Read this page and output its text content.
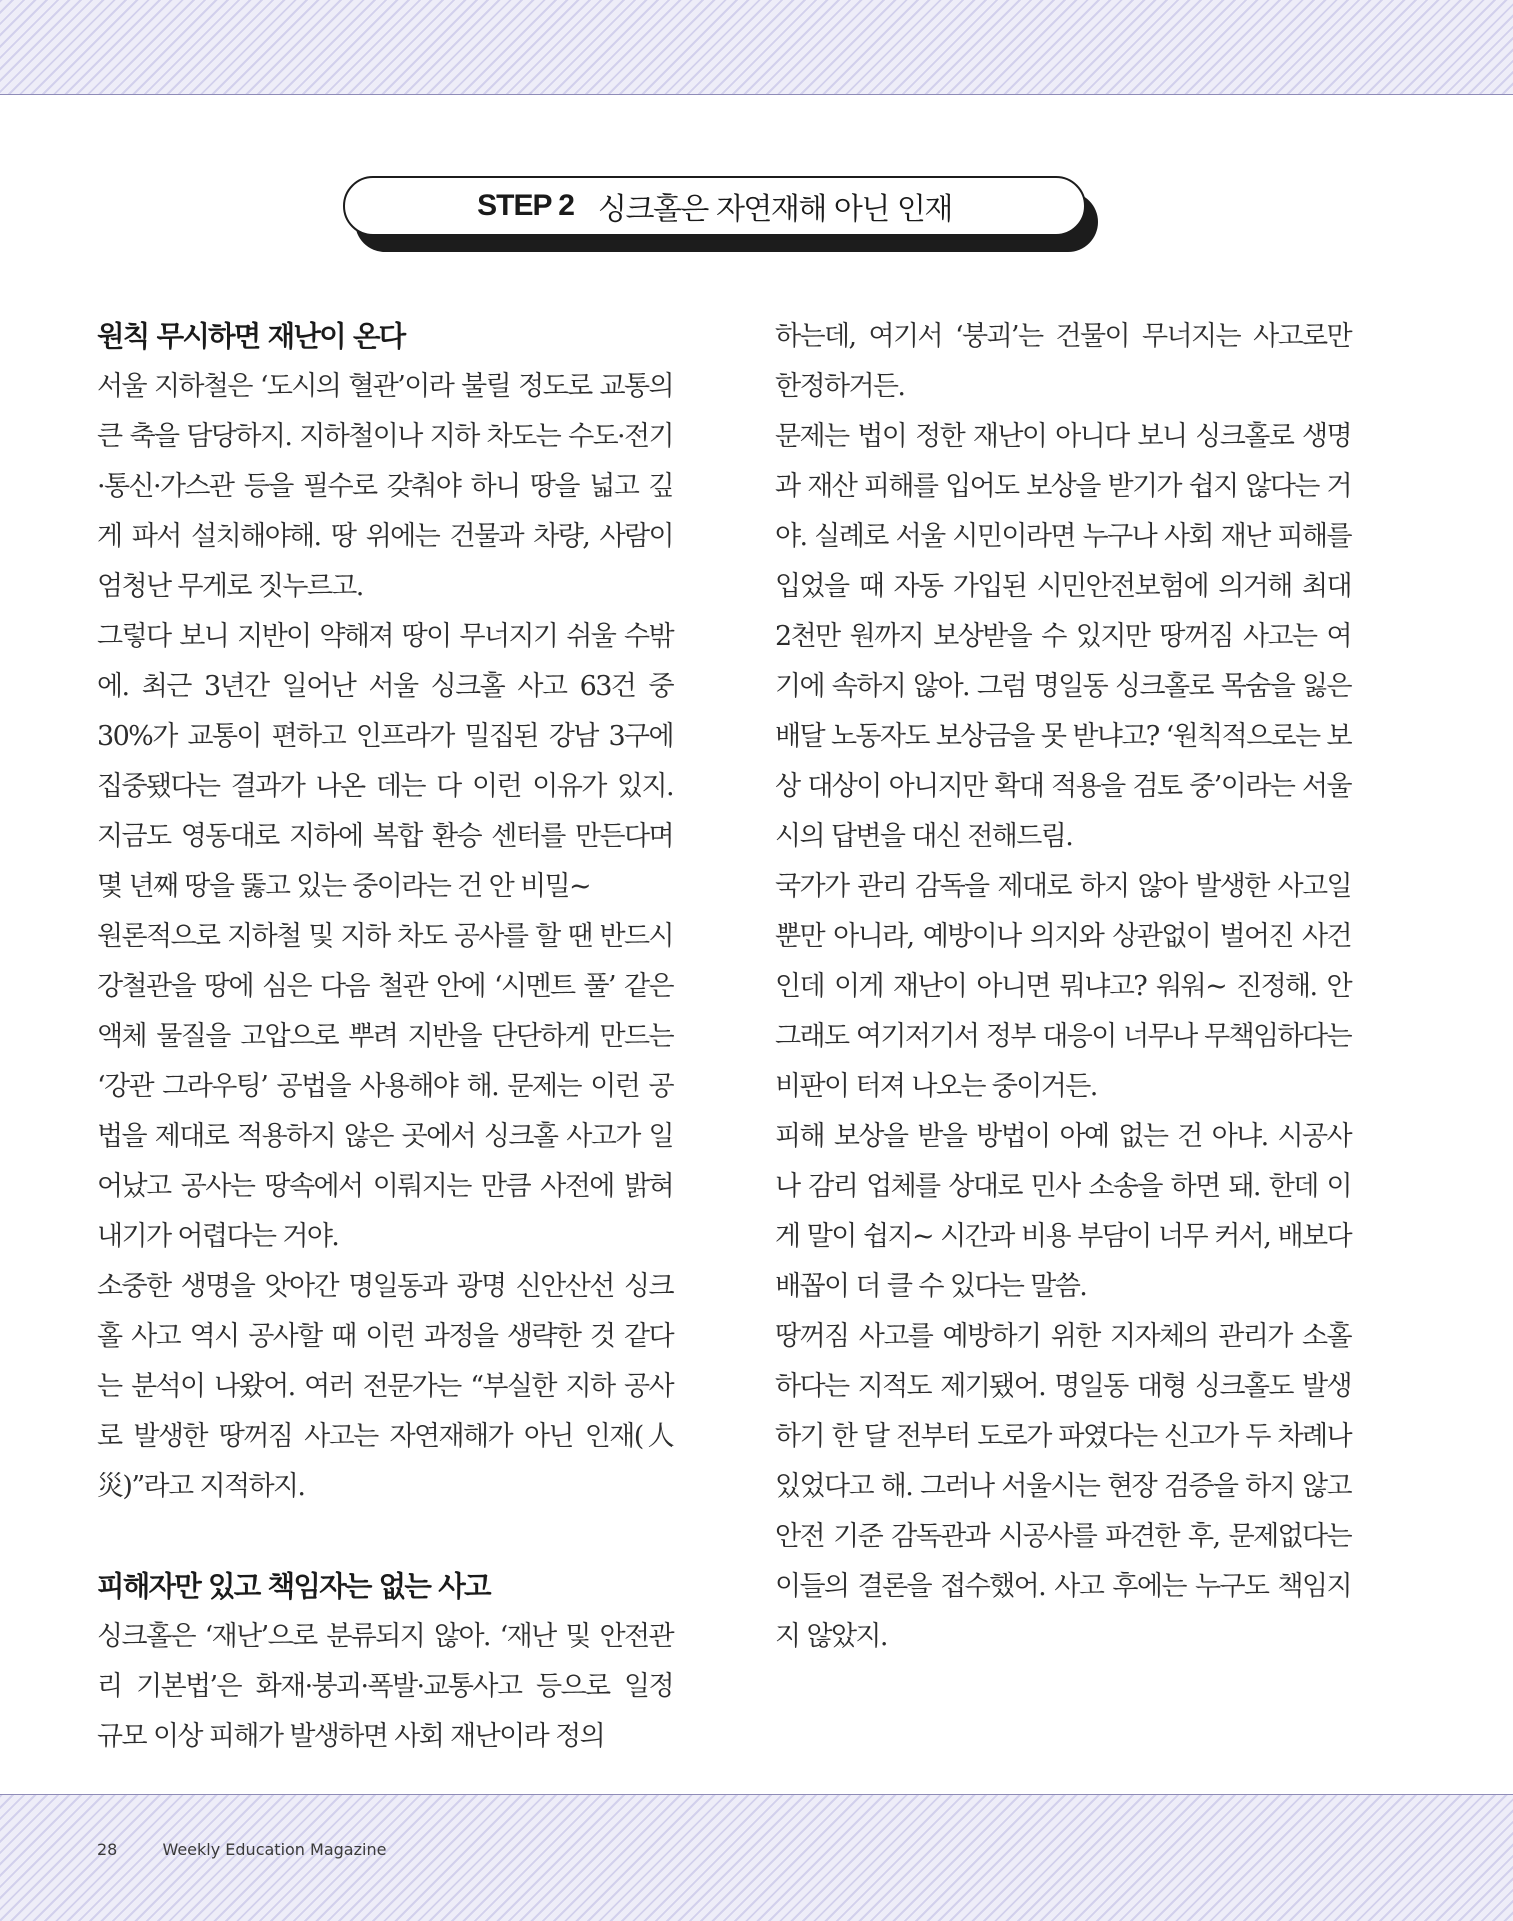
STEP 2 싱크홀은 자연재해 아닌 인재
원칙 무시하면 재난이 온다

서울 지하철은 ‘도시의 혈관’이라 불릴 정도로 교통의 큰 축을 담당하지. 지하철이나 지하 차도는 수도·전기·통신·가스관 등을 필수로 갖춰야 하니 땅을 넓고 깊게 파서 설치해야해. 땅 위에는 건물과 차량, 사람이 엄청난 무게로 짓누르고.

그렇다 보니 지반이 약해져 땅이 무너지기 쉬울 수밖에. 최근 3년간 일어난 서울 싱크홀 사고 63건 중 30%가 교통이 편하고 인프라가 밀집된 강남 3구에 집중됐다는 결과가 나온 데는 다 이런 이유가 있지. 지금도 영동대로 지하에 복합 환승 센터를 만든다며 몇 년째 땅을 뚫고 있는 중이라는 건 안 비밀~

원론적으로 지하철 및 지하 차도 공사를 할 땐 반드시 강철관을 땅에 심은 다음 철관 안에 ‘시멘트 풀’ 같은 액체 물질을 고압으로 뿌려 지반을 단단하게 만드는 ‘강관 그라우팅’ 공법을 사용해야 해. 문제는 이런 공법을 제대로 적용하지 않은 곳에서 싱크홀 사고가 일어났고 공사는 땅속에서 이뤄지는 만큼 사전에 밝혀내기가 어렵다는 거야.

소중한 생명을 앗아간 명일동과 광명 신안산선 싱크홀 사고 역시 공사할 때 이런 과정을 생략한 것 같다는 분석이 나왔어. 여러 전문가는 “부실한 지하 공사로 발생한 땅꺼짐 사고는 자연재해가 아닌 인재(人災)”라고 지적하지.

피해자만 있고 책임자는 없는 사고

싱크홀은 ‘재난’으로 분류되지 않아. ‘재난 및 안전관리 기본법’은 화재·붕괴·폭발·교통사고 등으로 일정 규모 이상 피해가 발생하면 사회 재난이라 정의

하는데, 여기서 ‘붕괴’는 건물이 무너지는 사고로만 한정하거든.

문제는 법이 정한 재난이 아니다 보니 싱크홀로 생명과 재산 피해를 입어도 보상을 받기가 쉽지 않다는 거야. 실례로 서울 시민이라면 누구나 사회 재난 피해를 입었을 때 자동 가입된 시민안전보험에 의거해 최대 2천만 원까지 보상받을 수 있지만 땅꺼짐 사고는 여기에 속하지 않아. 그럼 명일동 싱크홀로 목숨을 잃은 배달 노동자도 보상금을 못 받냐고? ‘원칙적으로는 보상 대상이 아니지만 확대 적용을 검토 중’이라는 서울시의 답변을 대신 전해드림.

국가가 관리 감독을 제대로 하지 않아 발생한 사고일 뿐만 아니라, 예방이나 의지와 상관없이 벌어진 사건인데 이게 재난이 아니면 뭐냐고? 워워~ 진정해. 안 그래도 여기저기서 정부 대응이 너무나 무책임하다는 비판이 터져 나오는 중이거든.

피해 보상을 받을 방법이 아예 없는 건 아냐. 시공사나 감리 업체를 상대로 민사 소송을 하면 돼. 한데 이게 말이 쉽지~ 시간과 비용 부담이 너무 커서, 배보다 배꼽이 더 클 수 있다는 말씀.

땅꺼짐 사고를 예방하기 위한 지자체의 관리가 소홀하다는 지적도 제기됐어. 명일동 대형 싱크홀도 발생하기 한 달 전부터 도로가 파였다는 신고가 두 차례나 있었다고 해. 그러나 서울시는 현장 검증을 하지 않고 안전 기준 감독관과 시공사를 파견한 후, 문제없다는 이들의 결론을 접수했어. 사고 후에는 누구도 책임지지 않았지.

28	Weekly Education Magazine
